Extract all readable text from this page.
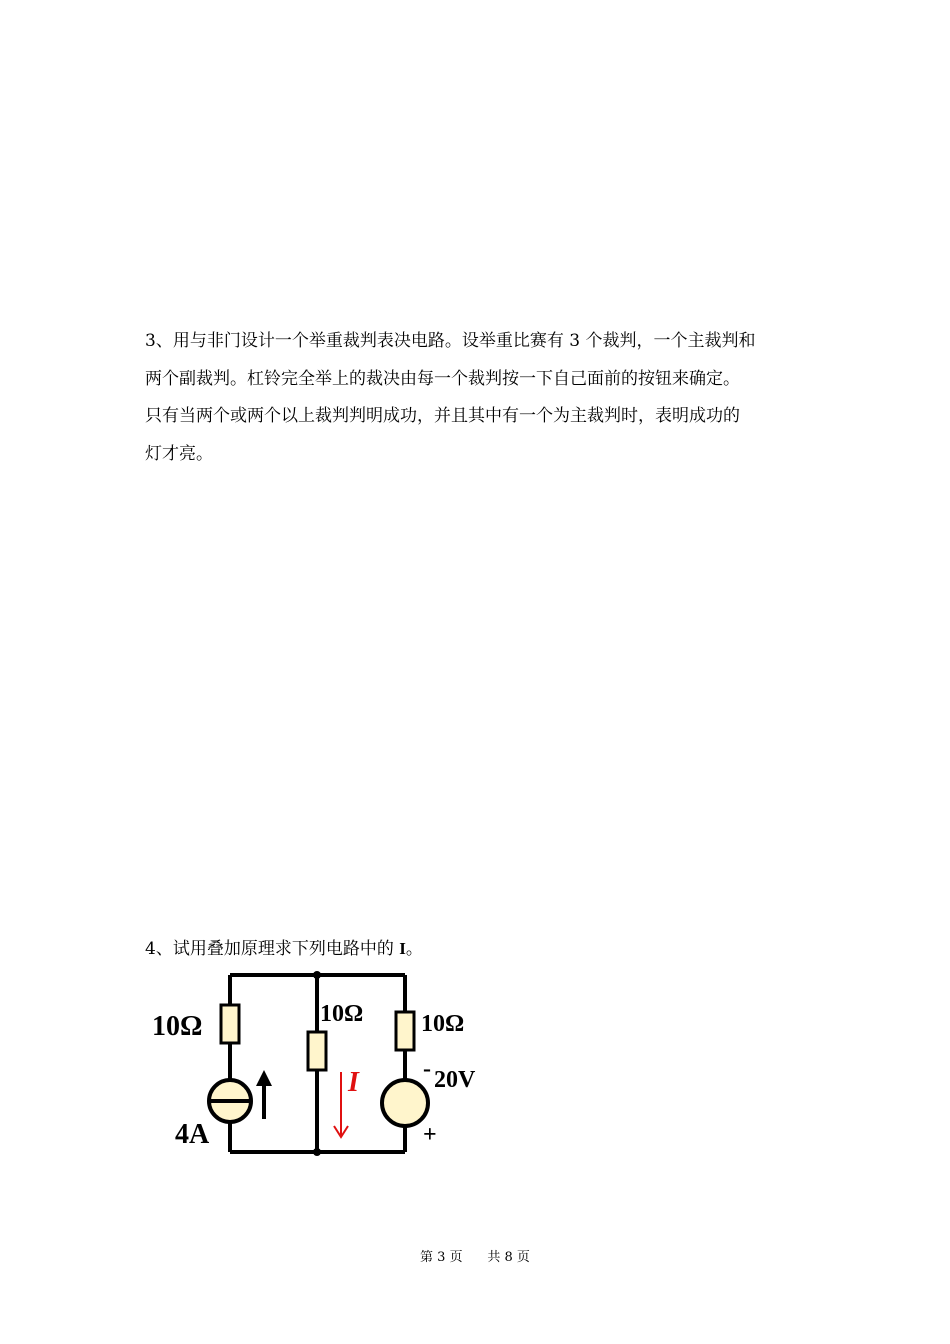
3、用与非门设计一个举重裁判表决电路。设举重比赛有 3 个裁判，一个主裁判和

两个副裁判。杠铃完全举上的裁决由每一个裁判按一下自己面前的按钮来确定。

只有当两个或两个以上裁判判明成功，并且其中有一个为主裁判时，表明成功的

灯才亮。

4、试用叠加原理求下列电路中的 I。
10Ω	10Ω 10Ω
4A
20V
-
+
I
第 3 页 共 8 页
